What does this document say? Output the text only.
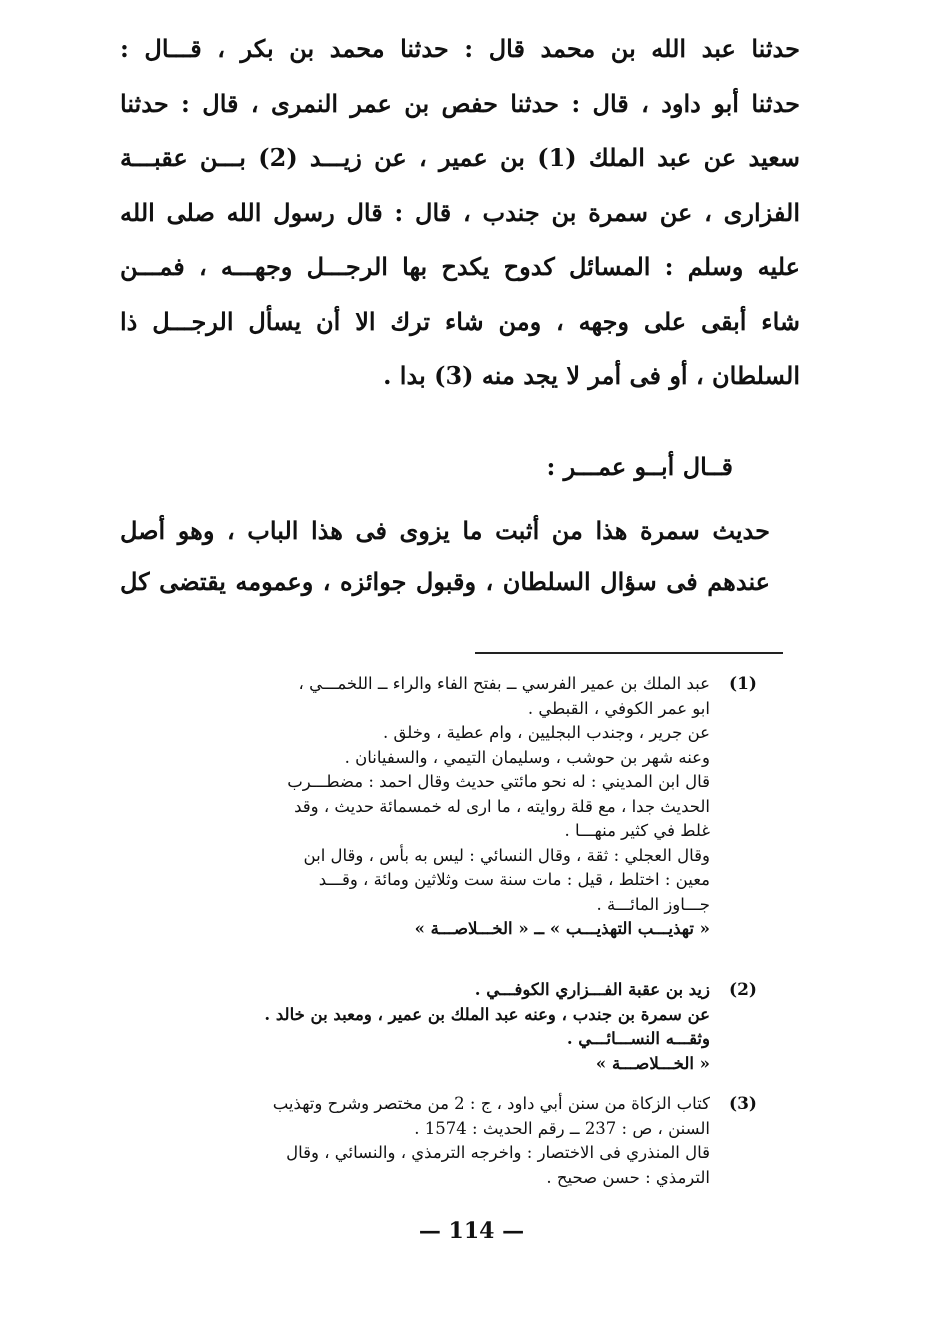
حدثنا عبد الله بن محمد قال : حدثنا محمد بن بكر ، قـــال :
حدثنا أبو داود ، قال : حدثنا حفص بن عمر النمرى ، قال : حدثنا
سعيد عن عبد الملك (1) بن عمير ، عن زيـــد (2) بـــن عقبـــة
الفزارى ، عن سمرة بن جندب ، قال : قال رسول الله صلى الله
عليه وسلم : المسائل كدوح يكدح بها الرجـــل وجهـــه ، فمـــن
شاء أبقى على وجهه ، ومن شاء ترك الا أن يسأل الرجـــل ذا
السلطان ، أو فى أمر لا يجد منه (3) بدا .
قــال أبــو عمـــر :
حديث سمرة هذا من أثبت ما يزوى فى هذا الباب ، وهو أصل
عندهم فى سؤال السلطان ، وقبول جوائزه ، وعمومه يقتضى كل
(1)
عبد الملك بن عمير الفرسي ــ بفتح الفاء والراء ــ اللخمـــي ،
ابو عمر الكوفي ، القبطي .
عن جرير ، وجندب البجليين ، وام عطية ، وخلق .
وعنه شهر بن حوشب ، وسليمان التيمي ، والسفيانان .
قال ابن المديني : له نحو مائتي حديث وقال احمد : مضطـــرب
الحديث جدا ، مع قلة روايته ، ما ارى له خمسمائة حديث ، وقد
غلط في كثير منهـــا .
وقال العجلي : ثقة ، وقال النسائي : ليس به بأس ، وقال ابن
معين : اختلط ، قيل : مات سنة ست وثلاثين ومائة ، وقـــد
جـــاوز المائـــة .
« تهذيـــب التهذيـــب » ــ « الخـــلاصـــة »
(2)
زيد بن عقبة الفـــزاري الكوفـــي .
عن سمرة بن جندب ، وعنه عبد الملك بن عمير ، ومعبد بن خالد .
وثقـــه النســـائـــي .
« الخـــلاصـــة »
(3)
كتاب الزكاة من سنن أبي داود ، ج : 2 من مختصر وشرح وتهذيب
السنن ، ص : 237 ــ رقم الحديث : 1574 .
قال المنذري فى الاختصار : واخرجه الترمذي ، والنسائي ، وقال
الترمذي : حسن صحيح .
— 114 —
